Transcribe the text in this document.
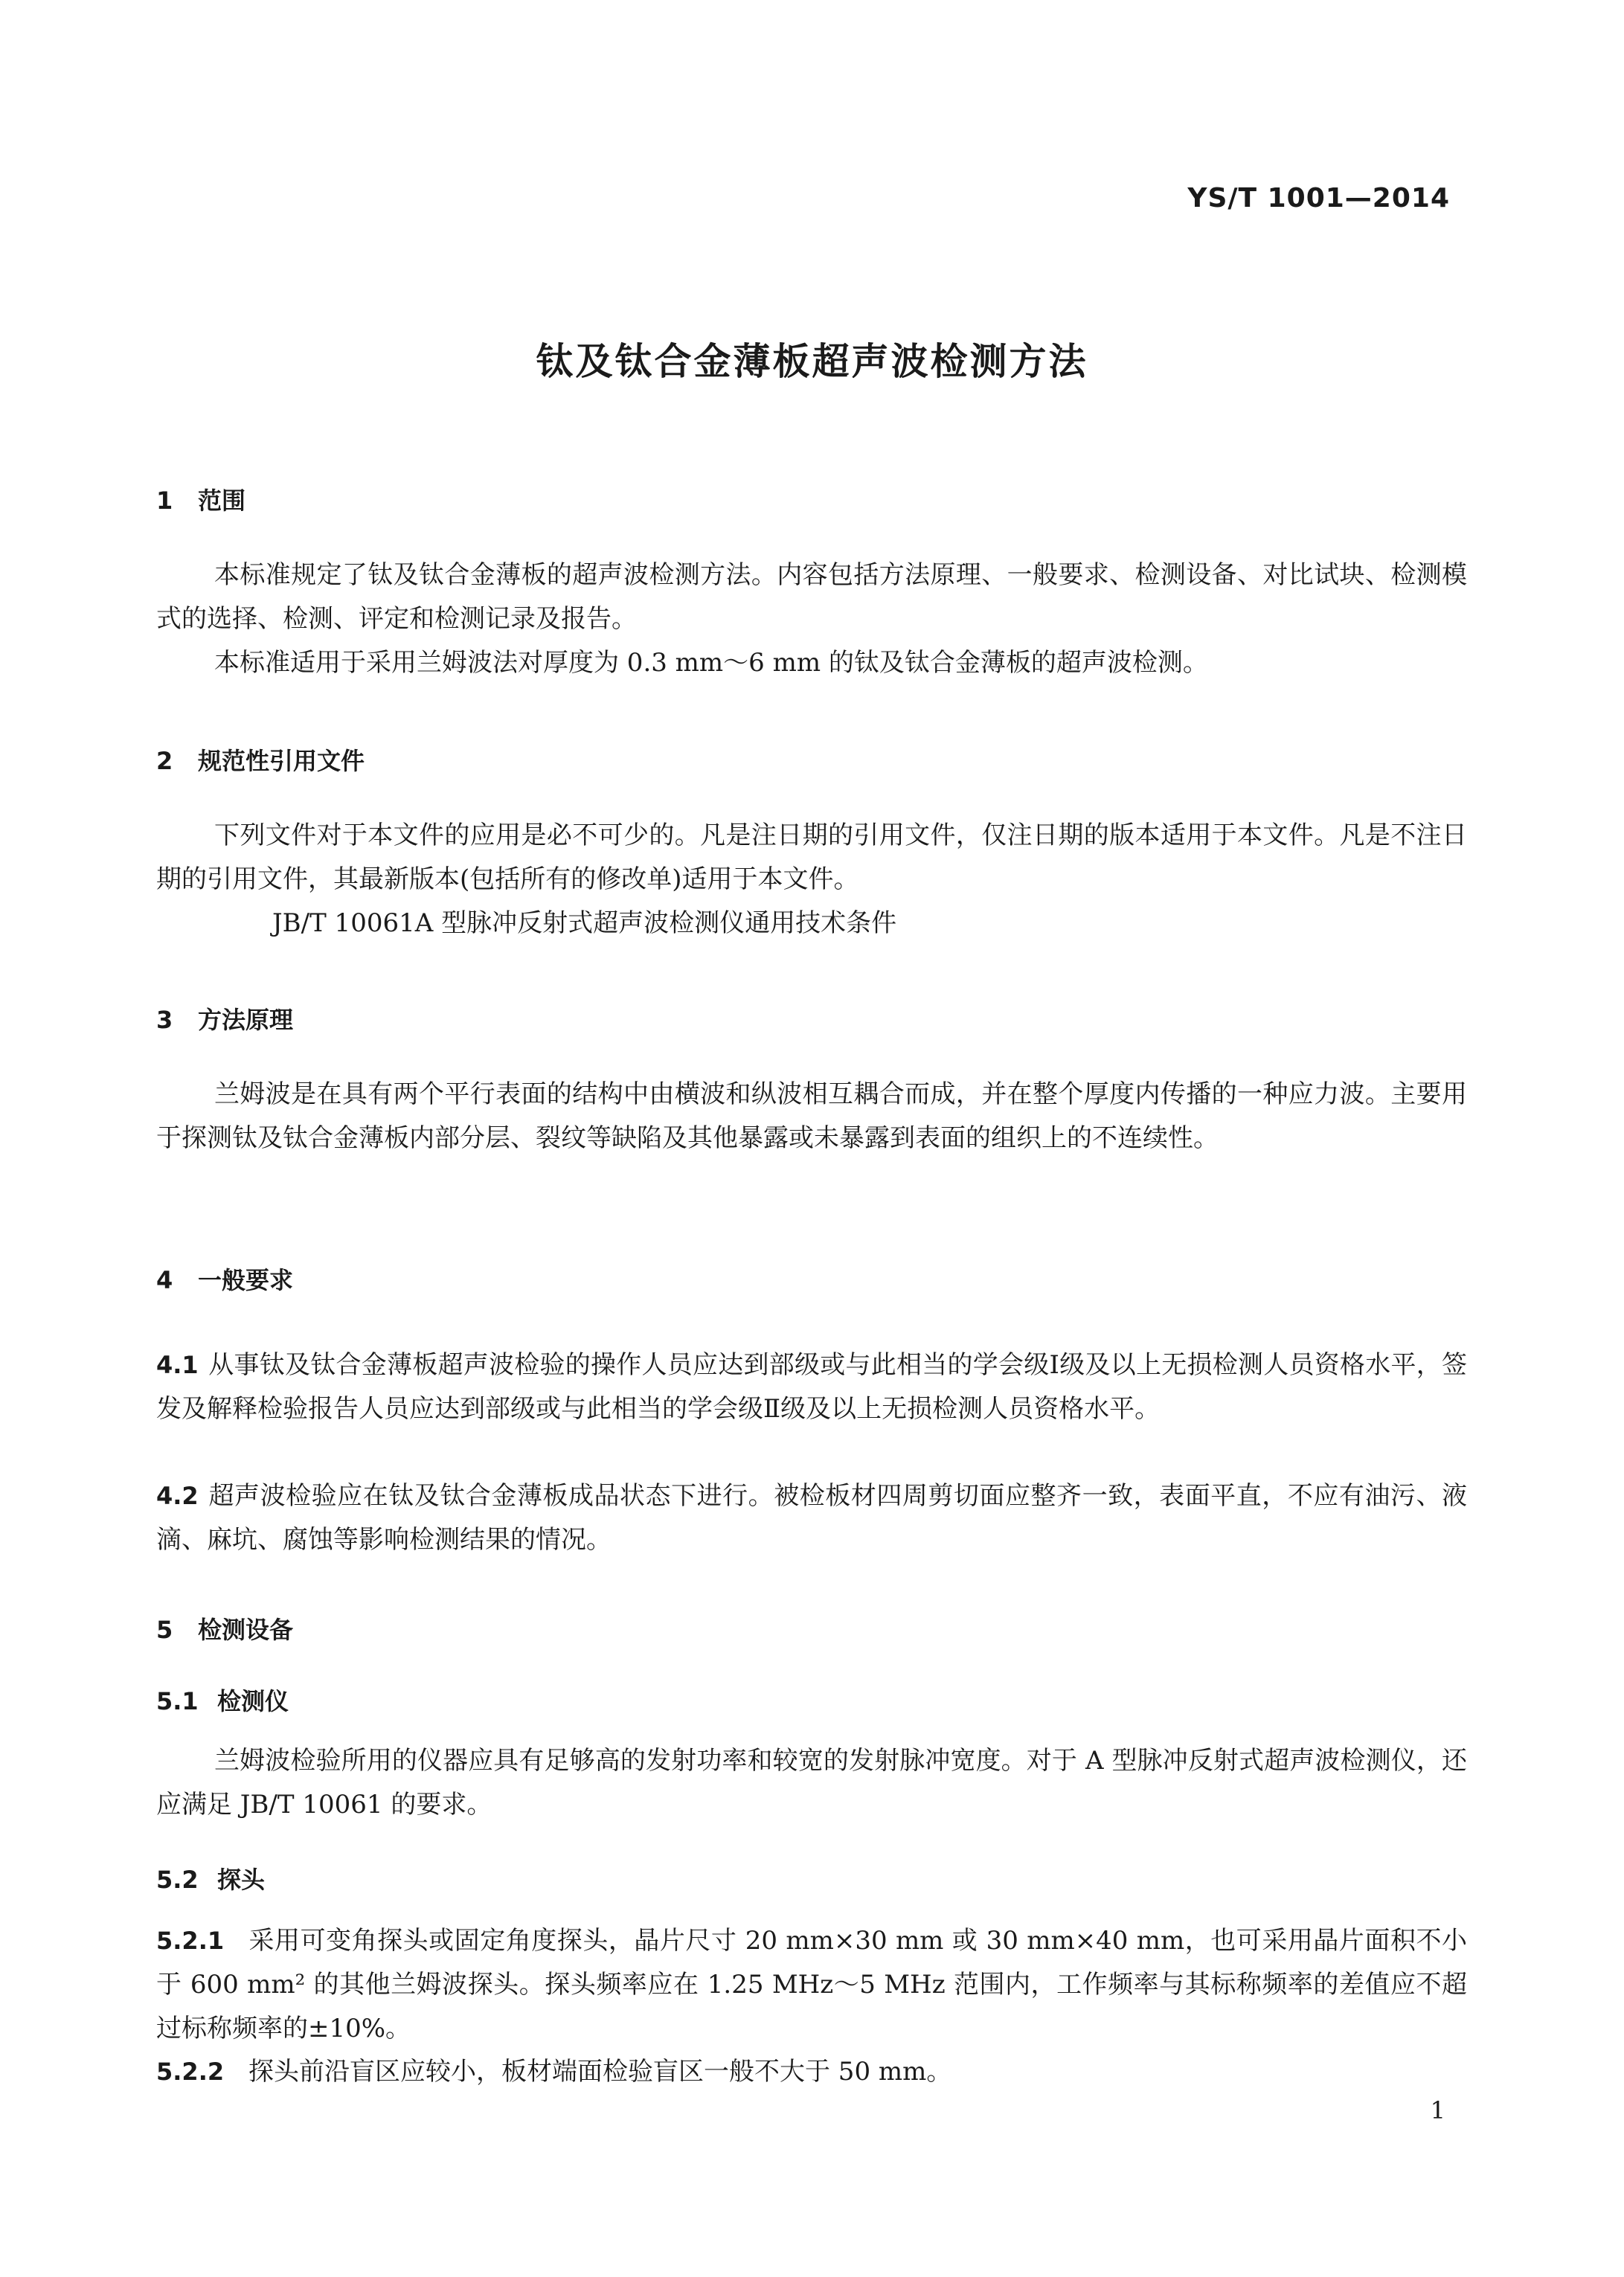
YS/T 1001—2014
钛及钛合金薄板超声波检测方法
1 范围

本标准规定了钛及钛合金薄板的超声波检测方法。内容包括方法原理、一般要求、检测设备、对比试块、检测模式的选择、检测、评定和检测记录及报告。

本标准适用于采用兰姆波法对厚度为 0.3 mm～6 mm 的钛及钛合金薄板的超声波检测。

2 规范性引用文件

下列文件对于本文件的应用是必不可少的。凡是注日期的引用文件，仅注日期的版本适用于本文件。凡是不注日期的引用文件，其最新版本(包括所有的修改单)适用于本文件。

JB/T 10061A 型脉冲反射式超声波检测仪通用技术条件

3 方法原理

兰姆波是在具有两个平行表面的结构中由横波和纵波相互耦合而成，并在整个厚度内传播的一种应力波。主要用于探测钛及钛合金薄板内部分层、裂纹等缺陷及其他暴露或未暴露到表面的组织上的不连续性。

4 一般要求

4.1 从事钛及钛合金薄板超声波检验的操作人员应达到部级或与此相当的学会级Ⅰ级及以上无损检测人员资格水平，签发及解释检验报告人员应达到部级或与此相当的学会级Ⅱ级及以上无损检测人员资格水平。

4.2 超声波检验应在钛及钛合金薄板成品状态下进行。被检板材四周剪切面应整齐一致，表面平直，不应有油污、液滴、麻坑、腐蚀等影响检测结果的情况。

5 检测设备
5.1 检测仪

兰姆波检验所用的仪器应具有足够高的发射功率和较宽的发射脉冲宽度。对于 A 型脉冲反射式超声波检测仪，还应满足 JB/T 10061 的要求。

5.2 探头

5.2.1 采用可变角探头或固定角度探头，晶片尺寸 20 mm×30 mm 或 30 mm×40 mm，也可采用晶片面积不小于 600 mm² 的其他兰姆波探头。探头频率应在 1.25 MHz～5 MHz 范围内，工作频率与其标称频率的差值应不超过标称频率的±10%。

5.2.2 探头前沿盲区应较小，板材端面检验盲区一般不大于 50 mm。

1
